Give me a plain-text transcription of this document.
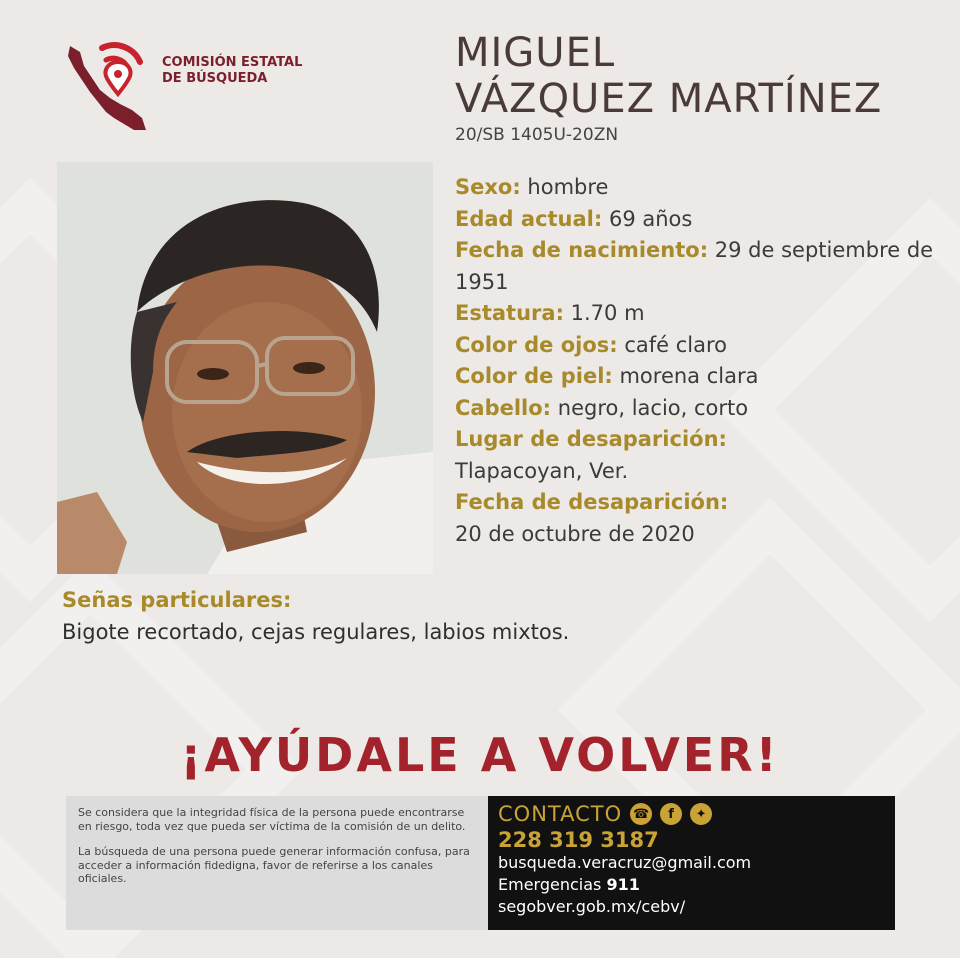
COMISIÓN ESTATAL
DE BÚSQUEDA
MIGUEL
VÁZQUEZ MARTÍNEZ
20/SB 1405U-20ZN
Sexo: hombre
Edad actual: 69 años
Fecha de nacimiento: 29 de septiembre de 1951
Estatura: 1.70 m
Color de ojos: café claro
Color de piel: morena clara
Cabello: negro, lacio, corto
Lugar de desaparición:
Tlapacoyan, Ver.
Fecha de desaparición:
20 de octubre de 2020
Señas particulares:
Bigote recortado, cejas regulares, labios mixtos.
¡AYÚDALE A VOLVER!

Se considera que la integridad física de la persona puede encontrarse en riesgo, toda vez que pueda ser víctima de la comisión de un delito.

La búsqueda de una persona puede generar información confusa, para acceder a información fidedigna, favor de referirse a los canales oficiales.

CONTACTO ☎	f	✦
228 319 3187
busqueda.veracruz@gmail.com
Emergencias 911
segobver.gob.mx/cebv/
